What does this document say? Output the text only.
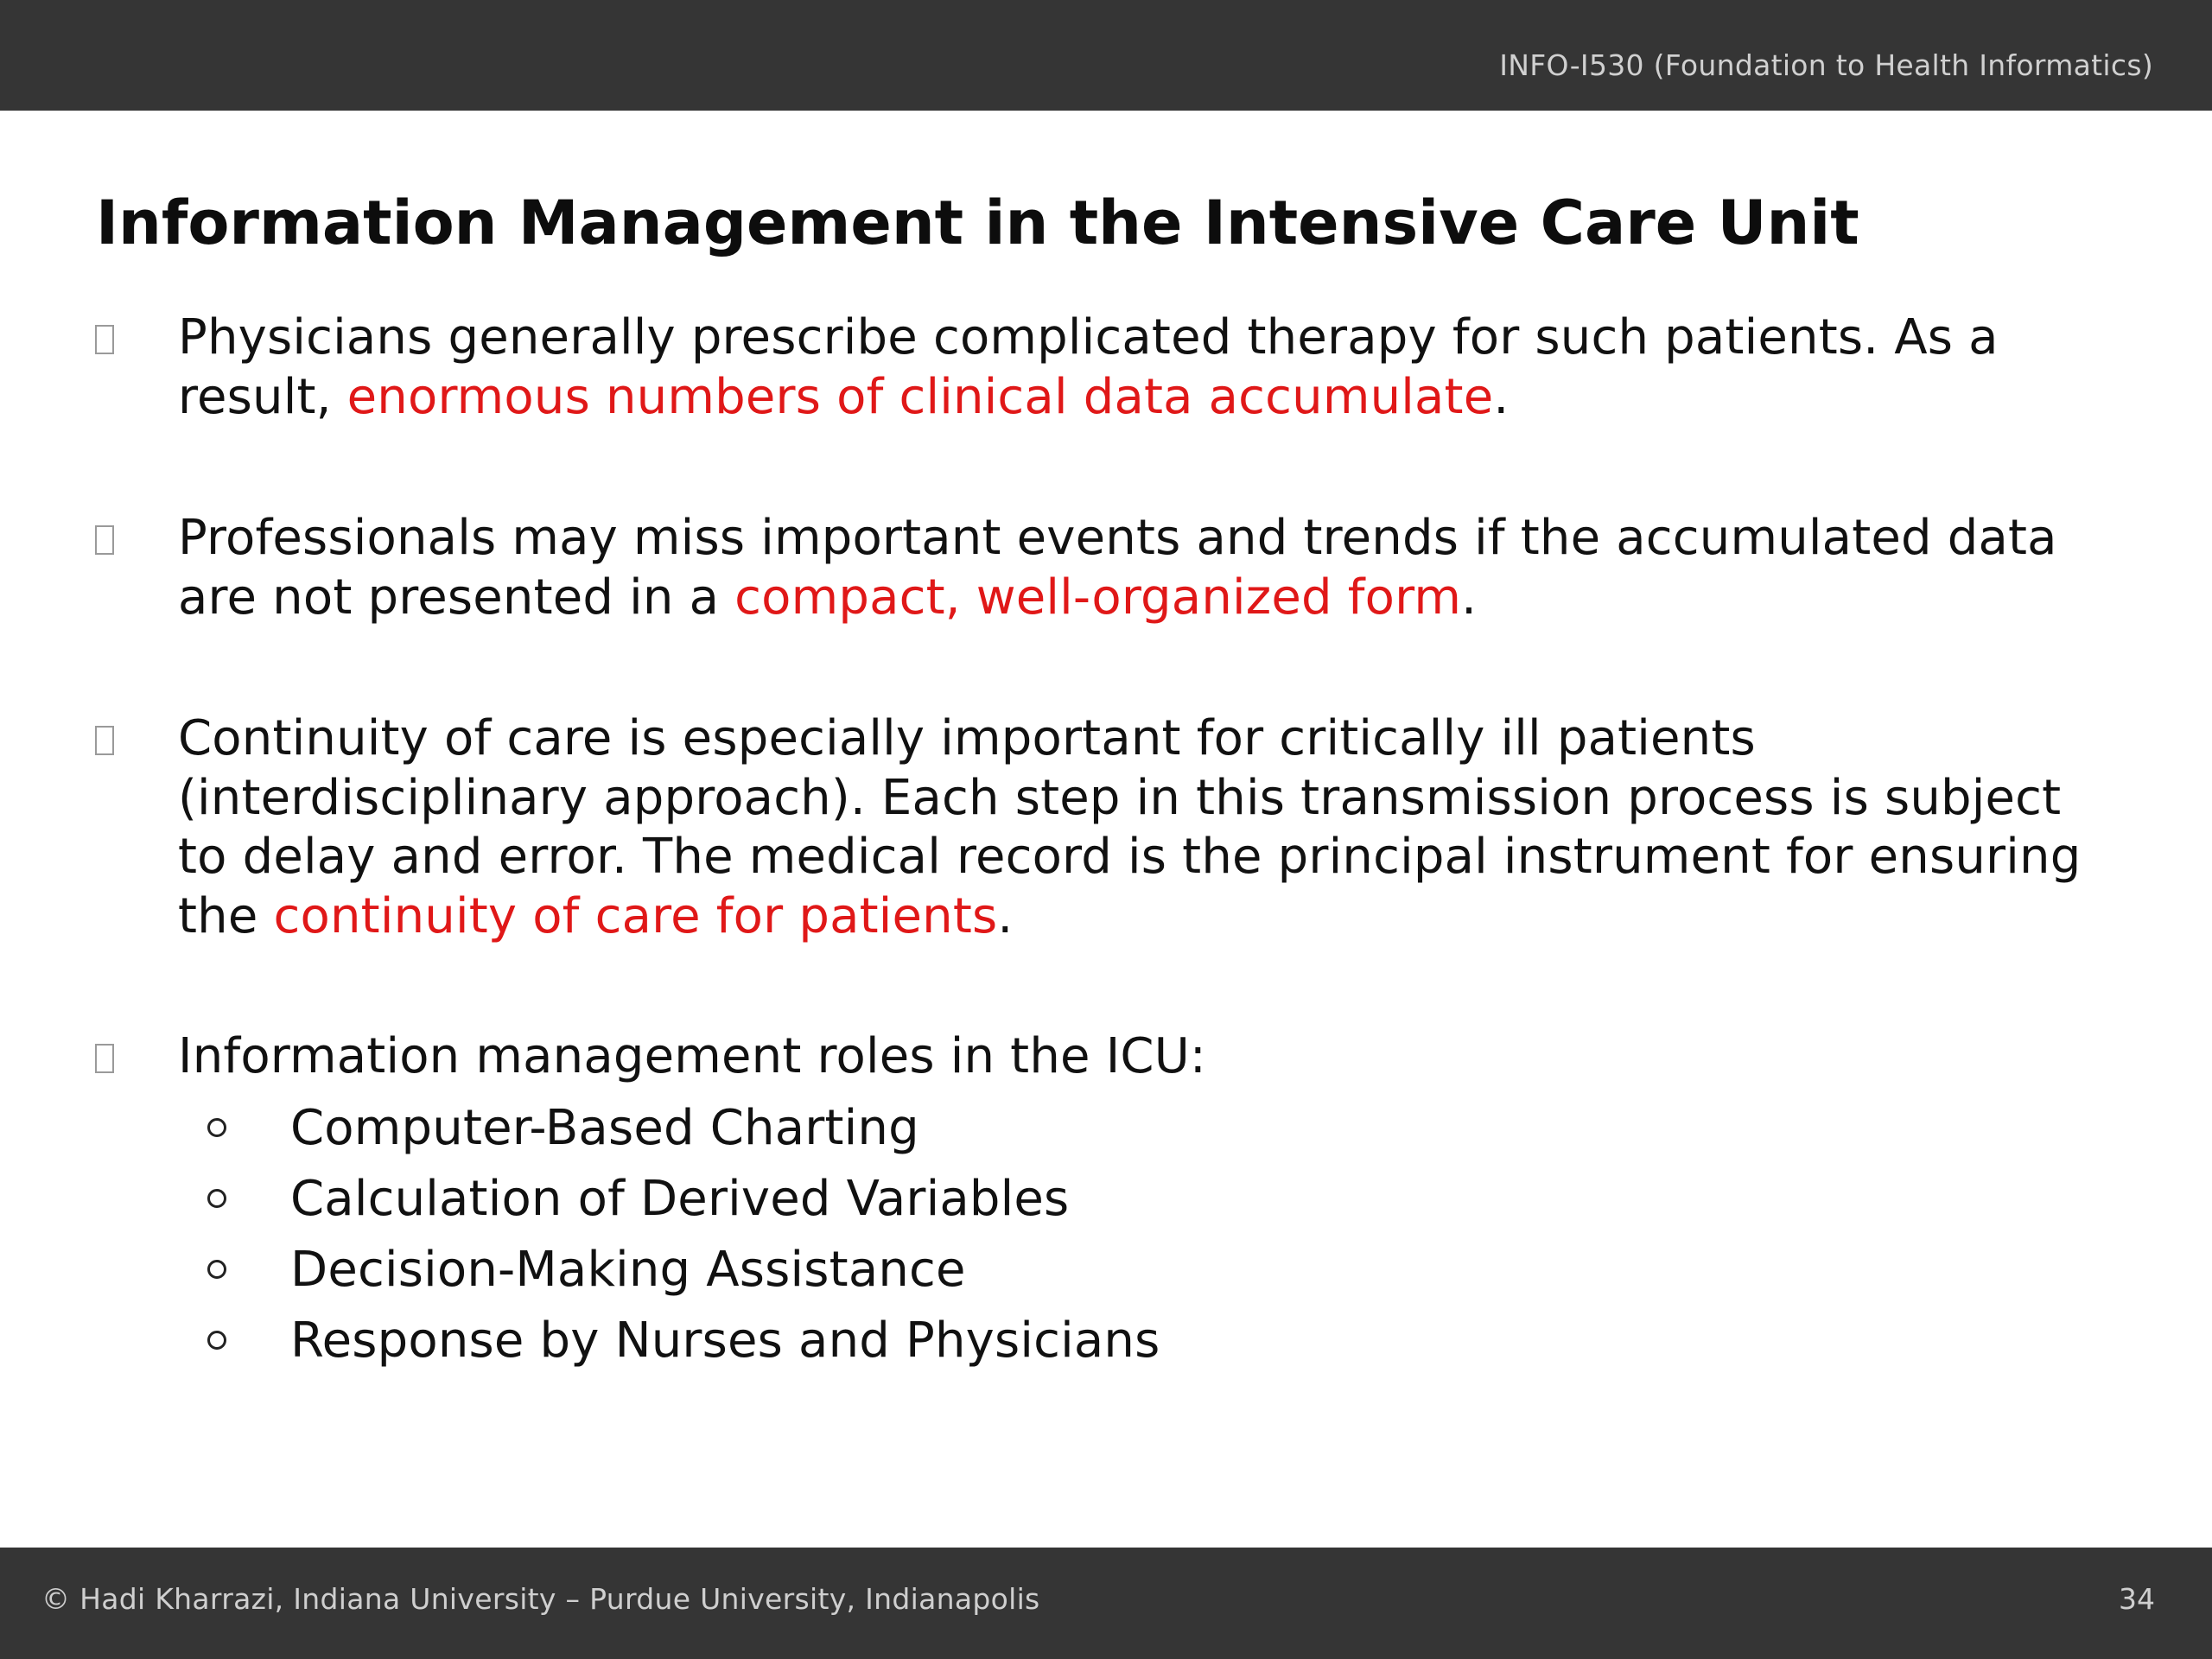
INFO-I530 (Foundation to Health Informatics)
Information Management in the Intensive Care Unit
Physicians generally prescribe complicated therapy for such patients. As a result, enormous numbers of clinical data accumulate.
Professionals may miss important events and trends if the accumulated data are not presented in a compact, well-organized form.
Continuity of care is especially important for critically ill patients (interdisciplinary approach). Each step in this transmission process is subject to delay and error. The medical record is the principal instrument for ensuring the continuity of care for patients.
Information management roles in the ICU:
Computer-Based Charting
Calculation of Derived Variables
Decision-Making Assistance
Response by Nurses and Physicians
© Hadi Kharrazi, Indiana University – Purdue University, Indianapolis	34
